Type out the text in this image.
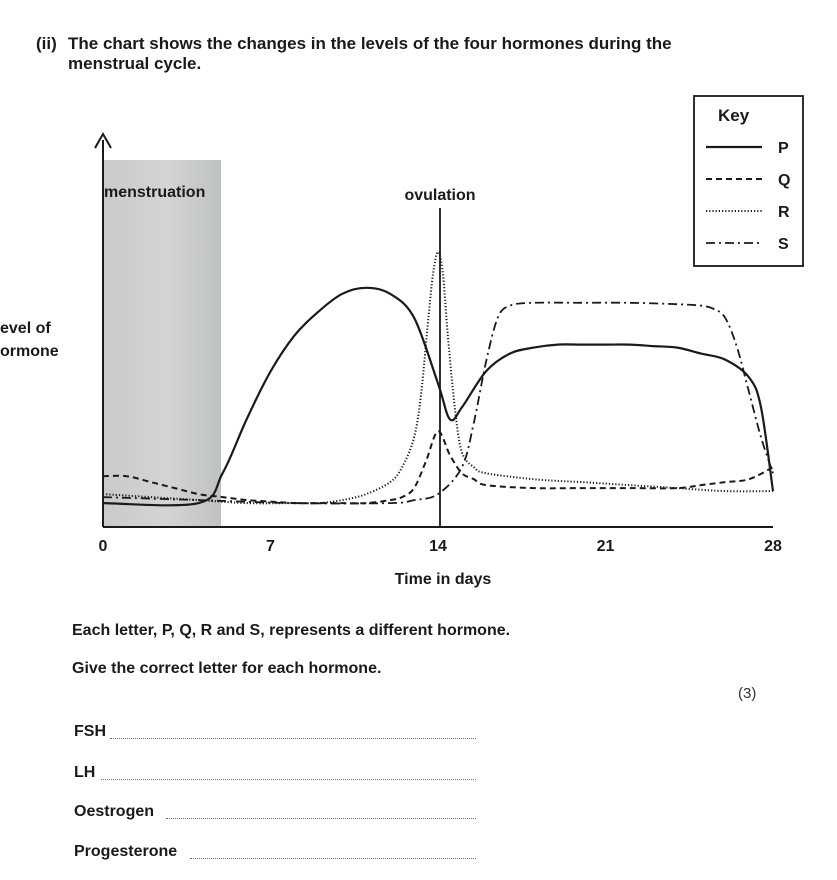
(ii) The chart shows the changes in the levels of the four hormones during the
menstrual cycle.
menstruation	ovulation
evel of
ormone
Time in days
0	7	14	21	28
Key
P
Q
R
S
Each letter, P, Q, R and S, represents a different hormone.
Give the correct letter for each hormone.
(3)
FSH
LH
Oestrogen
Progesterone
